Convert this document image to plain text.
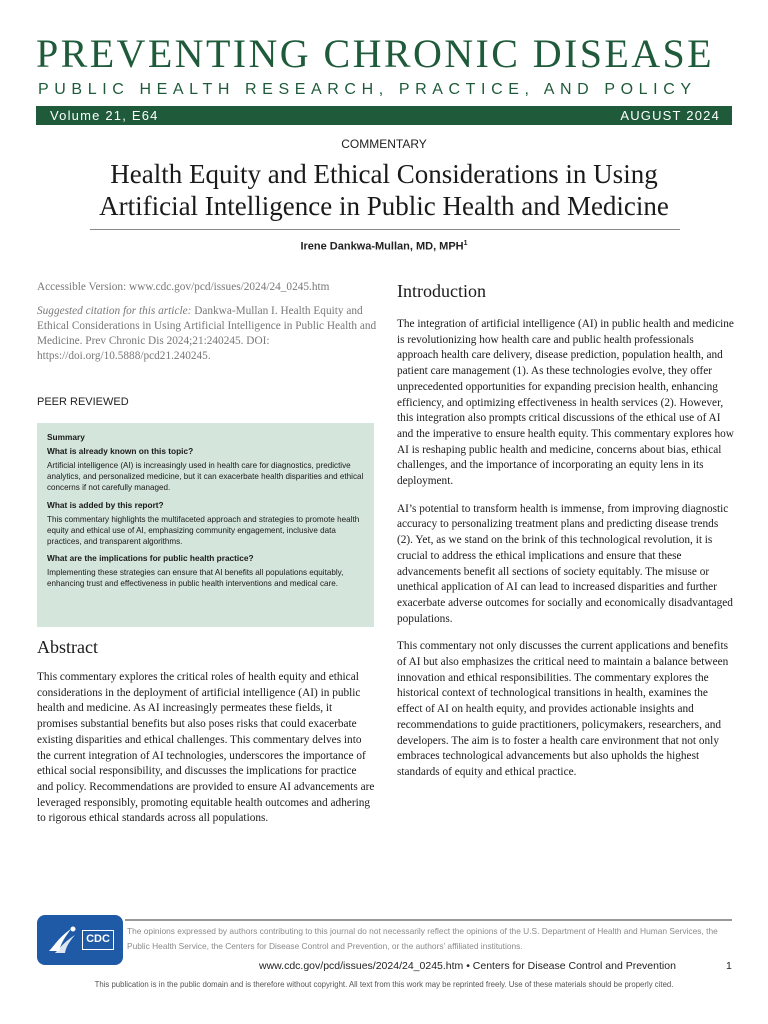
PREVENTING CHRONIC DISEASE
PUBLIC HEALTH RESEARCH, PRACTICE, AND POLICY
Volume 21, E64	AUGUST 2024
COMMENTARY
Health Equity and Ethical Considerations in Using
Artificial Intelligence in Public Health and Medicine
Irene Dankwa-Mullan, MD, MPH$^1$
Accessible Version: www.cdc.gov/pcd/issues/2024/24_0245.htm
Suggested citation for this article: Dankwa-Mullan I. Health Equity and Ethical Considerations in Using Artificial Intelligence in Public Health and Medicine. Prev Chronic Dis 2024;21:240245. DOI: https://doi.org/10.5888/pcd21.240245.
PEER REVIEWED
Summary
What is already known on this topic?
Artificial intelligence (AI) is increasingly used in health care for diagnostics, predictive analytics, and personalized medicine, but it can exacerbate health disparities and ethical concerns if not carefully managed.
What is added by this report?
This commentary highlights the multifaceted approach and strategies to promote health equity and ethical use of AI, emphasizing community engagement, inclusive data practices, and transparent algorithms.
What are the implications for public health practice?
Implementing these strategies can ensure that AI benefits all populations equitably, enhancing trust and effectiveness in public health interventions and medical care.
Abstract
This commentary explores the critical roles of health equity and ethical considerations in the deployment of artificial intelligence (AI) in public health and medicine. As AI increasingly permeates these fields, it promises substantial benefits but also poses risks that could exacerbate existing disparities and ethical challenges. This commentary delves into the current integration of AI technologies, underscores the importance of ethical social responsibility, and discusses the implications for practice and policy. Recommendations are provided to ensure AI advancements are leveraged responsibly, promoting equitable health outcomes and adhering to rigorous ethical standards across all populations.
Introduction

The integration of artificial intelligence (AI) in public health and medicine is revolutionizing how health care and public health professionals approach health care delivery, disease prediction, population health, and patient care management (1). As these technologies evolve, they offer unprecedented opportunities for expanding precision health, enhancing efficiency, and optimizing effectiveness in health services (2). However, this integration also prompts critical discussions of the ethical use of AI and the imperative to ensure health equity. This commentary explores how AI is reshaping public health and medicine, concerns about bias, ethical challenges, and the importance of incorporating an equity lens in its deployment.

AI’s potential to transform health is immense, from improving diagnostic accuracy to personalizing treatment plans and predicting disease trends (2). Yet, as we stand on the brink of this technological revolution, it is crucial to address the ethical implications and ensure that these advancements benefit all sections of society equitably. The misuse or unethical application of AI can lead to increased disparities and further exacerbate adverse outcomes for socially and economically disadvantaged populations.

This commentary not only discusses the current applications and benefits of AI but also emphasizes the critical need to maintain a balance between innovation and ethical responsibilities. The commentary explores the historical context of technological transitions in health, examines the effect of AI on health equity, and provides actionable insights and recommendations to guide practitioners, policymakers, researchers, and developers. The aim is to foster a health care environment that not only embraces technological advancements but also upholds the highest standards of equity and ethical practice.

CDC
The opinions expressed by authors contributing to this journal do not necessarily reflect the opinions of the U.S. Department of Health and Human Services, the Public Health Service, the Centers for Disease Control and Prevention, or the authors’ affiliated institutions.
www.cdc.gov/pcd/issues/2024/24_0245.htm • Centers for Disease Control and Prevention	1
This publication is in the public domain and is therefore without copyright. All text from this work may be reprinted freely. Use of these materials should be properly cited.
